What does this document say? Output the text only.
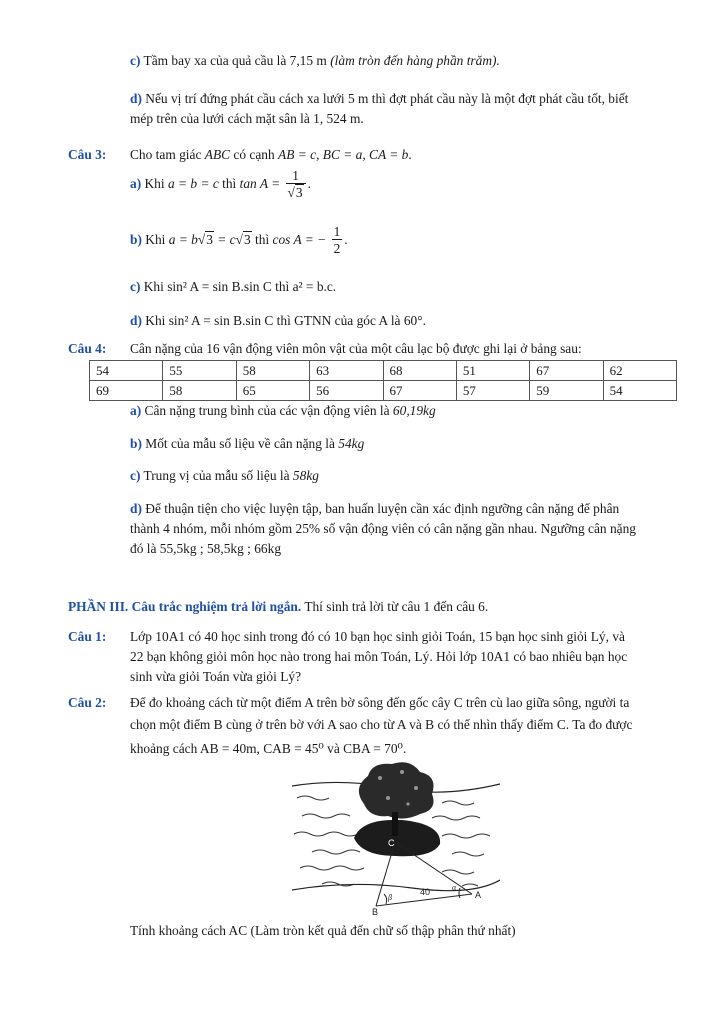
c) Tầm bay xa của quả cầu là 7,15 m (làm tròn đến hàng phần trăm).
d) Nếu vị trí đứng phát cầu cách xa lưới 5 m thì đợt phát cầu này là một đợt phát cầu tốt, biết
mép trên của lưới cách mặt sân là 1, 524 m.
Câu 3: Cho tam giác ABC có cạnh AB = c, BC = a, CA = b.
a) Khi a = b = c thì $\tan A = \frac{1}{√3}$ .
b) Khi a = b√3 = c√3 thì cos A = − $\frac{1}{2}$ .
c) Khi sin² A = sin B.sin C thì a² = b.c.
d) Khi sin² A = sin B.sin C thì GTNN của góc A là 60°.
Câu 4: Cân nặng của 16 vận động viên môn vật của một câu lạc bộ được ghi lại ở bảng sau:
54	55	58	63	68	51	67	62
69	58	65	56	67	57	59	54
a) Cân nặng trung bình của các vận động viên là 60,19kg
b) Mốt của mẫu số liệu về cân nặng là 54kg
c) Trung vị của mẫu số liệu là 58kg
d) Để thuận tiện cho việc luyện tập, ban huấn luyện cần xác định ngưỡng cân nặng để phân
thành 4 nhóm, mỗi nhóm gồm 25% số vận động viên có cân nặng gần nhau. Ngưỡng cân nặng
đó là 55,5kg ; 58,5kg ; 66kg
PHẦN III. Câu trắc nghiệm trả lời ngắn. Thí sinh trả lời từ câu 1 đến câu 6.
Câu 1: Lớp 10A1 có 40 học sinh trong đó có 10 bạn học sinh giỏi Toán, 15 bạn học sinh giỏi Lý, và
22 bạn không giỏi môn học nào trong hai môn Toán, Lý. Hỏi lớp 10A1 có bao nhiêu bạn học
sinh vừa giỏi Toán vừa giỏi Lý?
Câu 2: Để đo khoảng cách từ một điểm A trên bờ sông đến gốc cây C trên cù lao giữa sông, người ta
chọn một điểm B cùng ở trên bờ với A sao cho từ A và B có thể nhìn thấy điểm C. Ta đo được
khoảng cách AB = 40m, CAB = 45⁰ và CBA = 70⁰.
C
A
B
40	α
β
Tính khoảng cách AC (Làm tròn kết quả đến chữ số thập phân thứ nhất)
